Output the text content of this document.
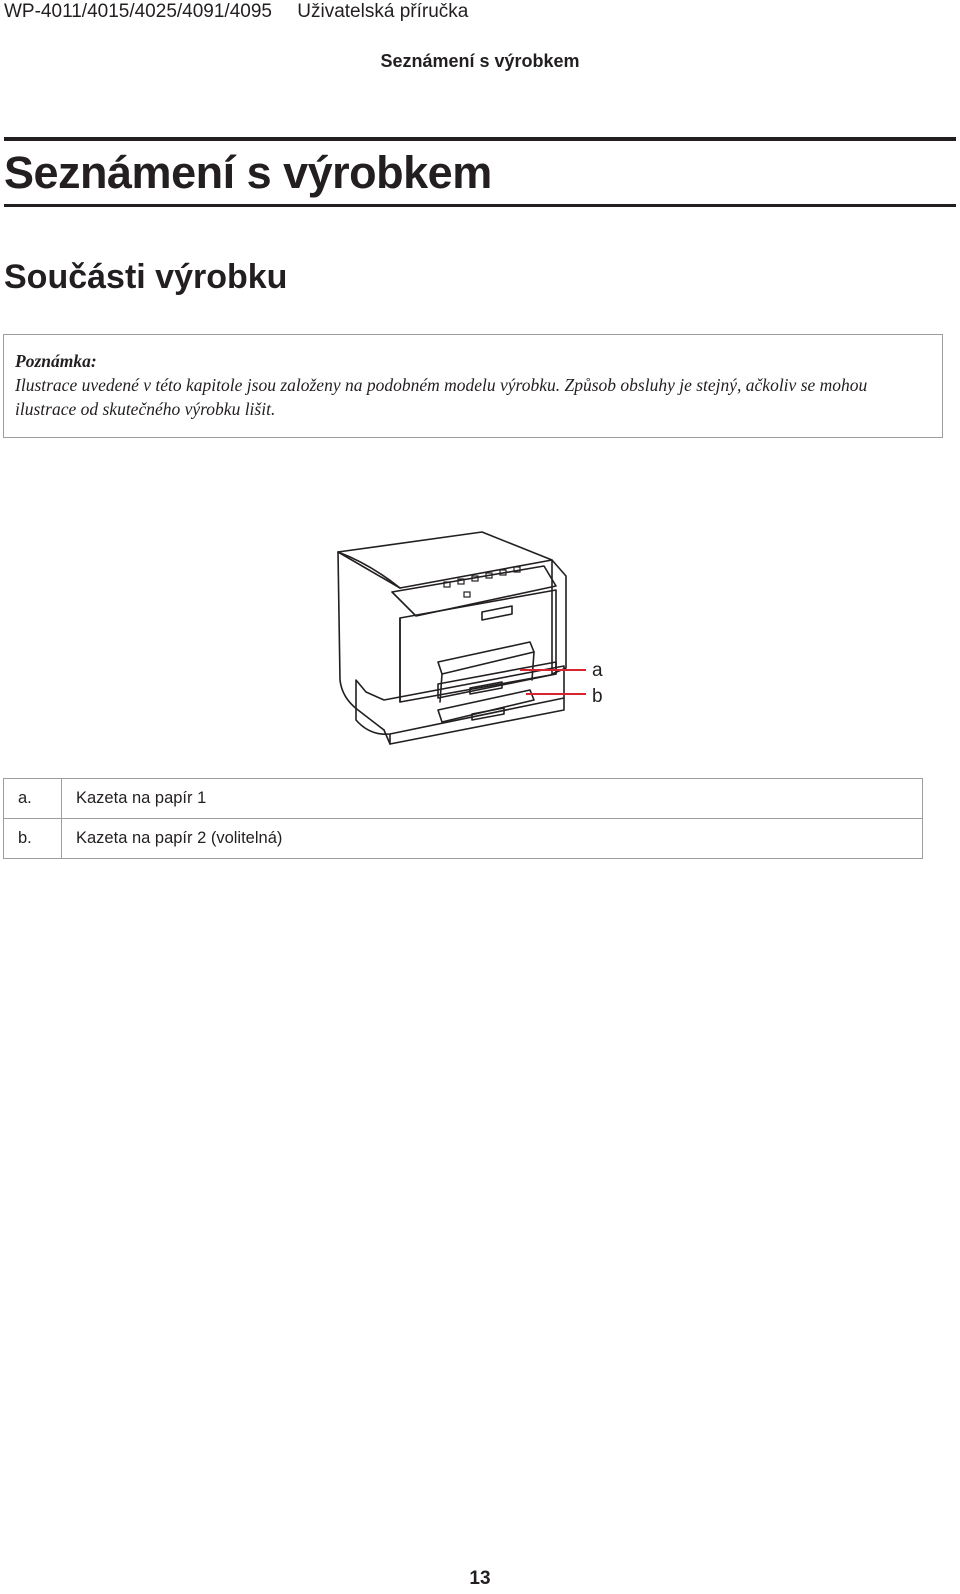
WP-4011/4015/4025/4091/4095 Uživatelská příručka
Seznámení s výrobkem
Seznámení s výrobkem
Součásti výrobku
Poznámka:
Ilustrace uvedené v této kapitole jsou založeny na podobném modelu výrobku. Způsob obsluhy je stejný, ačkoliv se mohou ilustrace od skutečného výrobku lišit.
a
b
a.	Kazeta na papír 1
b.	Kazeta na papír 2 (volitelná)
13
